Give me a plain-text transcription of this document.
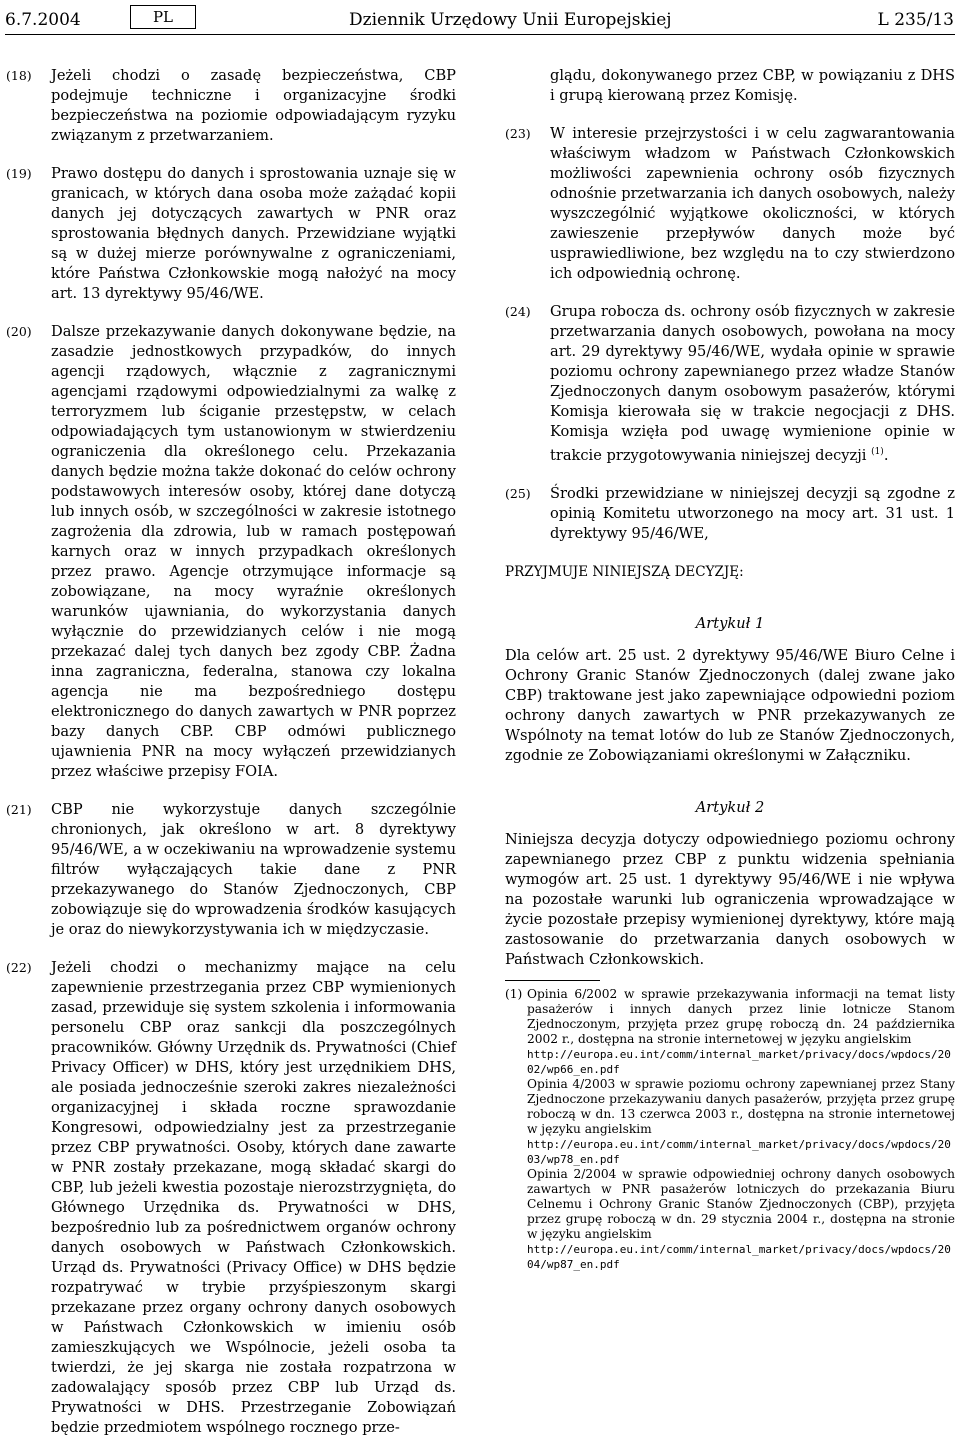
6.7.2004	PL	Dziennik Urzędowy Unii Europejskiej	L 235/13
(18)	Jeżeli chodzi o zasadę bezpieczeństwa, CBP podejmuje techniczne i organizacyjne środki bezpieczeństwa na poziomie odpowiadającym ryzyku związanym z przetwarzaniem.
(19)	Prawo dostępu do danych i sprostowania uznaje się w granicach, w których dana osoba może zażądać kopii danych jej dotyczących zawartych w PNR oraz sprostowania błędnych danych. Przewidziane wyjątki są w dużej mierze porównywalne z ograniczeniami, które Państwa Członkowskie mogą nałożyć na mocy art. 13 dyrektywy 95/46/WE.
(20)	Dalsze przekazywanie danych dokonywane będzie, na zasadzie jednostkowych przypadków, do innych agencji rządowych, włącznie z zagranicznymi agencjami rządowymi odpowiedzialnymi za walkę z terroryzmem lub ściganie przestępstw, w celach odpowiadających tym ustanowionym w stwierdzeniu ograniczenia dla określonego celu. Przekazania danych będzie można także dokonać do celów ochrony podstawowych interesów osoby, której dane dotyczą lub innych osób, w szczególności w zakresie istotnego zagrożenia dla zdrowia, lub w ramach postępowań karnych oraz w innych przypadkach określonych przez prawo. Agencje otrzymujące informacje są zobowiązane, na mocy wyraźnie określonych warunków ujawniania, do wykorzystania danych wyłącznie do przewidzianych celów i nie mogą przekazać dalej tych danych bez zgody CBP. Żadna inna zagraniczna, federalna, stanowa czy lokalna agencja nie ma bezpośredniego dostępu elektronicznego do danych zawartych w PNR poprzez bazy danych CBP. CBP odmówi publicznego ujawnienia PNR na mocy wyłączeń przewidzianych przez właściwe przepisy FOIA.
(21)	CBP nie wykorzystuje danych szczególnie chronionych, jak określono w art. 8 dyrektywy 95/46/WE, a w oczekiwaniu na wprowadzenie systemu filtrów wyłączających takie dane z PNR przekazywanego do Stanów Zjednoczonych, CBP zobowiązuje się do wprowadzenia środków kasujących je oraz do niewykorzystywania ich w międzyczasie.
(22)	Jeżeli chodzi o mechanizmy mające na celu zapewnienie przestrzegania przez CBP wymienionych zasad, przewiduje się system szkolenia i informowania personelu CBP oraz sankcji dla poszczególnych pracowników. Główny Urzędnik ds. Prywatności (Chief Privacy Officer) w DHS, który jest urzędnikiem DHS, ale posiada jednocześnie szeroki zakres niezależności organizacyjnej i składa roczne sprawozdanie Kongresowi, odpowiedzialny jest za przestrzeganie przez CBP prywatności. Osoby, których dane zawarte w PNR zostały przekazane, mogą składać skargi do CBP, lub jeżeli kwestia pozostaje nierozstrzygnięta, do Głównego Urzędnika ds. Prywatności w DHS, bezpośrednio lub za pośrednictwem organów ochrony danych osobowych w Państwach Członkowskich. Urząd ds. Prywatności (Privacy Office) w DHS będzie rozpatrywać w trybie przyśpieszonym skargi przekazane przez organy ochrony danych osobowych w Państwach Członkowskich w imieniu osób zamieszkujących we Wspólnocie, jeżeli osoba ta twierdzi, że jej skarga nie została rozpatrzona w zadowalający sposób przez CBP lub Urząd ds. Prywatności w DHS. Przestrzeganie Zobowiązań będzie przedmiotem wspólnego rocznego prze-
glądu, dokonywanego przez CBP, w powiązaniu z DHS i grupą kierowaną przez Komisję.
(23)	W interesie przejrzystości i w celu zagwarantowania właściwym władzom w Państwach Członkowskich możliwości zapewnienia ochrony osób fizycznych odnośnie przetwarzania ich danych osobowych, należy wyszczególnić wyjątkowe okoliczności, w których zawieszenie przepływów danych może być usprawiedliwione, bez względu na to czy stwierdzono ich odpowiednią ochronę.
(24)	Grupa robocza ds. ochrony osób fizycznych w zakresie przetwarzania danych osobowych, powołana na mocy art. 29 dyrektywy 95/46/WE, wydała opinie w sprawie poziomu ochrony zapewnianego przez władze Stanów Zjednoczonych danym osobowym pasażerów, którymi Komisja kierowała się w trakcie negocjacji z DHS. Komisja wzięła pod uwagę wymienione opinie w trakcie przygotowywania niniejszej decyzji $^{(1)}$.
(25)	Środki przewidziane w niniejszej decyzji są zgodne z opinią Komitetu utworzonego na mocy art. 31 ust. 1 dyrektywy 95/46/WE,
PRZYJMUJE NINIEJSZĄ DECYZJĘ:
Artykuł 1

Dla celów art. 25 ust. 2 dyrektywy 95/46/WE Biuro Celne i Ochrony Granic Stanów Zjednoczonych (dalej zwane jako CBP) traktowane jest jako zapewniające odpowiedni poziom ochrony danych zawartych w PNR przekazywanych ze Wspólnoty na temat lotów do lub ze Stanów Zjednoczonych, zgodnie ze Zobowiązaniami określonymi w Załączniku.

Artykuł 2

Niniejsza decyzja dotyczy odpowiedniego poziomu ochrony zapewnianego przez CBP z punktu widzenia spełniania wymogów art. 25 ust. 1 dyrektywy 95/46/WE i nie wpływa na pozostałe warunki lub ograniczenia wprowadzające w życie pozostałe przepisy wymienionej dyrektywy, które mają zastosowanie do przetwarzania danych osobowych w Państwach Członkowskich.

(1) Opinia 6/2002 w sprawie przekazywania informacji na temat listy pasażerów i innych danych przez linie lotnicze Stanom Zjednoczonym, przyjęta przez grupę roboczą dn. 24 października 2002 r., dostępna na stronie internetowej w języku angielskim

http://europa.eu.int/comm/internal_market/privacy/docs/wpdocs/2002/wp66_en.pdf

Opinia 4/2003 w sprawie poziomu ochrony zapewnianej przez Stany Zjednoczone przekazywaniu danych pasażerów, przyjęta przez grupę roboczą w dn. 13 czerwca 2003 r., dostępna na stronie internetowej w języku angielskim

http://europa.eu.int/comm/internal_market/privacy/docs/wpdocs/2003/wp78_en.pdf

Opinia 2/2004 w sprawie odpowiedniej ochrony danych osobowych zawartych w PNR pasażerów lotniczych do przekazania Biuru Celnemu i Ochrony Granic Stanów Zjednoczonych (CBP), przyjęta przez grupę roboczą w dn. 29 stycznia 2004 r., dostępna na stronie w języku angielskim

http://europa.eu.int/comm/internal_market/privacy/docs/wpdocs/2004/wp87_en.pdf
